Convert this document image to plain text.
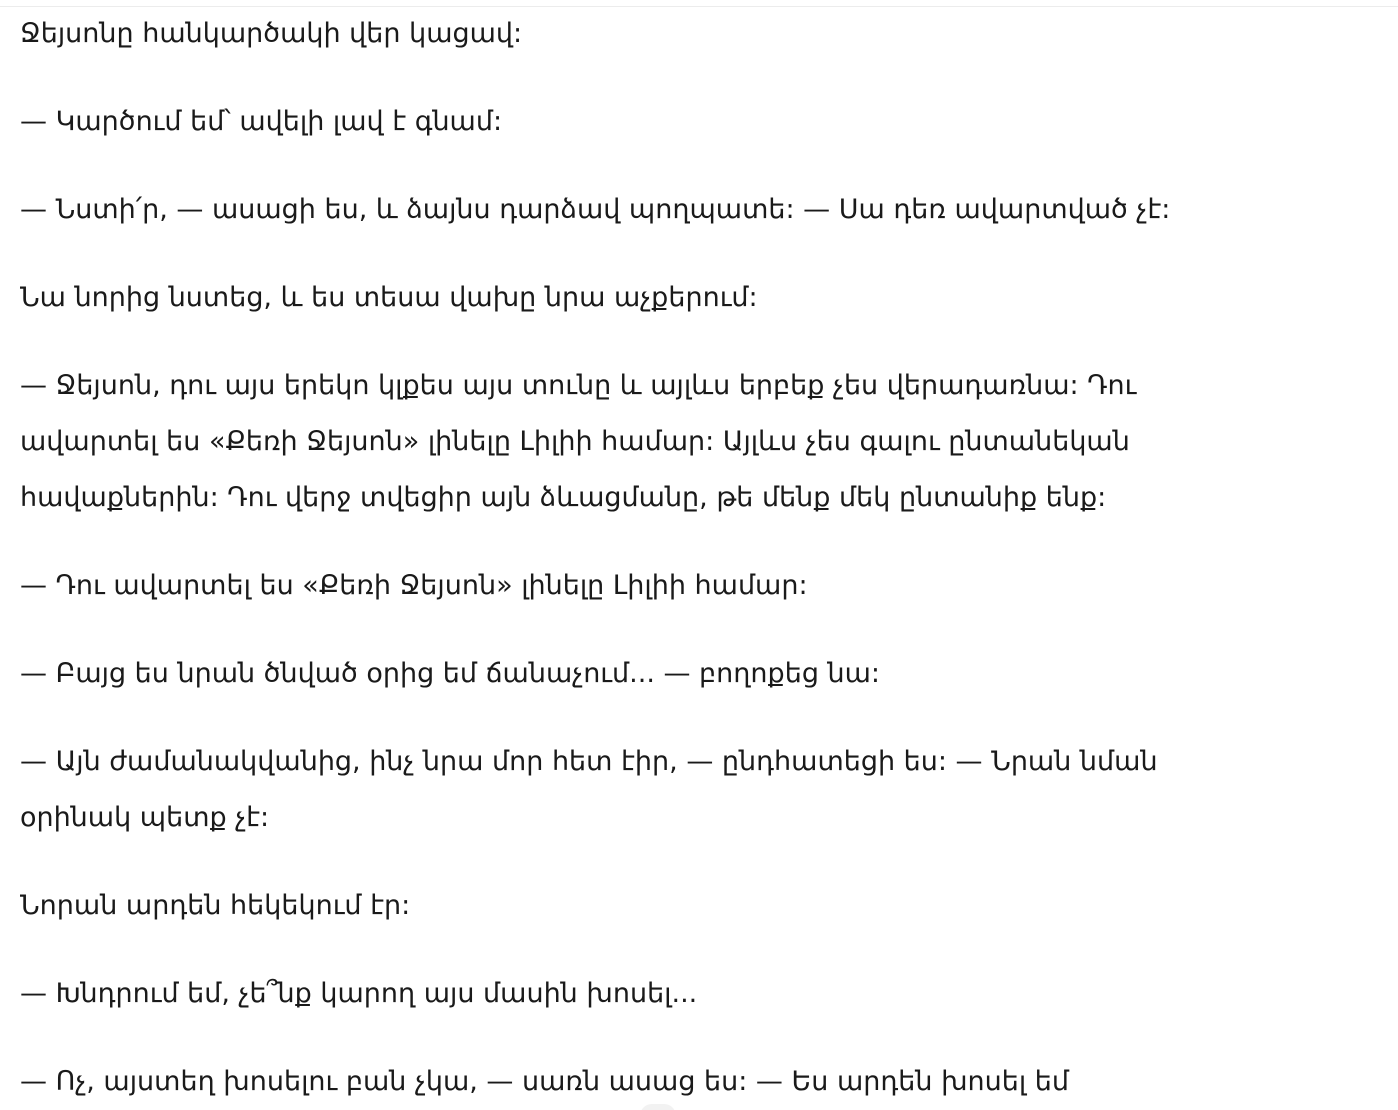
Ջեյսոնը հանկարծակի վեր կացավ:

— Կարծում եմ՝ ավելի լավ է գնամ:

— Նստի՛ր, — ասացի ես, և ձայնս դարձավ պողպատե: — Սա դեռ ավարտված չէ:

Նա նորից նստեց, և ես տեսա վախը նրա աչքերում:

— Ջեյսոն, դու այս երեկո կլքես այս տունը և այլևս երբեք չես վերադառնա: Դու
ավարտել ես «Քեռի Ջեյսոն» լինելը Լիլիի համար: Այլևս չես գալու ընտանեկան
հավաքներին: Դու վերջ տվեցիր այն ձևացմանը, թե մենք մեկ ընտանիք ենք:

— Դու ավարտել ես «Քեռի Ջեյսոն» լինելը Լիլիի համար:

— Բայց ես նրան ծնված օրից եմ ճանաչում... — բողոքեց նա:

— Այն ժամանակվանից, ինչ նրա մոր հետ էիր, — ընդհատեցի ես: — Նրան նման
օրինակ պետք չէ:

Նորան արդեն հեկեկում էր:

— Խնդրում եմ, չե՞նք կարող այս մասին խոսել...

— Ոչ, այստեղ խոսելու բան չկա, — սառն ասաց ես: — Ես արդեն խոսել եմ
